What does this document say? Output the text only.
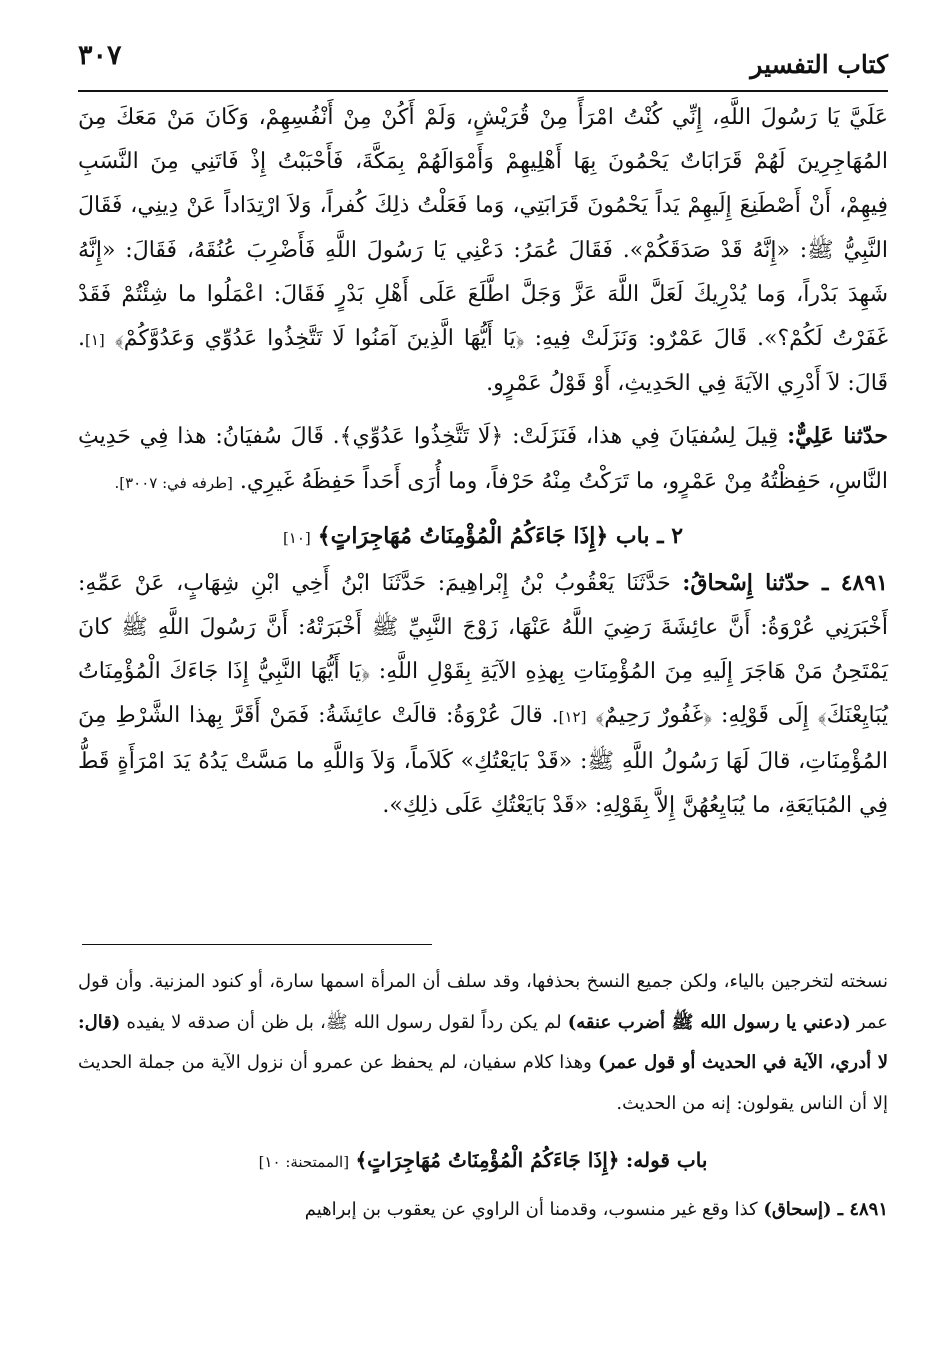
كتاب التفسير
٣٠٧

عَلَيَّ يَا رَسُولَ اللَّهِ، إِنِّي كُنْتُ امْرَأً مِنْ قُرَيْشٍ، وَلَمْ أَكُنْ مِنْ أَنْفُسِهِمْ، وَكَانَ مَنْ مَعَكَ مِنَ المُهَاجِرِينَ لَهُمْ قَرَابَاتٌ يَحْمُونَ بِهَا أَهْلِيهِمْ وَأَمْوَالَهُمْ بِمَكَّةَ، فَأَحْبَبْتُ إِذْ فَاتَنِي مِنَ النَّسَبِ فِيهِمْ، أَنْ أَصْطَنِعَ إِلَيهِمْ يَداً يَحْمُونَ قَرَابَتِي، وَما فَعَلْتُ ذلِكَ كُفراً، وَلاَ ارْتِدَاداً عَنْ دِينِي، فَقَالَ النَّبِيُّ ﷺ: «إِنَّهُ قَدْ صَدَقَكُمْ». فَقَالَ عُمَرُ: دَعْنِي يَا رَسُولَ اللَّهِ فَأَضْرِبَ عُنُقَهُ، فَقَالَ: «إِنَّهُ شَهِدَ بَدْراً، وَما يُدْرِيكَ لَعَلَّ اللَّهَ عَزَّ وَجَلَّ اطَّلَعَ عَلَى أَهْلِ بَدْرٍ فَقَالَ: اعْمَلُوا ما شِئْتُمْ فَقَدْ غَفَرْتُ لَكُمْ؟». قَالَ عَمْرٌو: وَنَزَلَتْ فِيهِ: ﴿يَا أَيُّهَا الَّذِينَ آمَنُوا لَا تَتَّخِذُوا عَدُوِّي وَعَدُوَّكُمْ﴾ [١]. قَالَ: لاَ أَدْرِي الآيَةَ فِي الحَدِيثِ، أَوْ قَوْلُ عَمْرٍو.

حدّثنا عَلِيٌّ: قِيلَ لِسُفيَانَ فِي هذا، فَنَزَلَتْ: ﴿لَا تَتَّخِذُوا عَدُوِّي﴾. قَالَ سُفيَانُ: هذا فِي حَدِيثِ النَّاسِ، حَفِظْتُهُ مِنْ عَمْرٍو، ما تَرَكْتُ مِنْهُ حَرْفاً، وما أُرَى أَحَداً حَفِظَهُ غَيرِي. [طرفه في: ٣٠٠٧].

٢ ـ باب ﴿إِذَا جَاءَكُمُ الْمُؤْمِنَاتُ مُهَاجِرَاتٍ﴾ [١٠]

٤٨٩١ ـ حدّثنا إِسْحاقُ: حَدَّثَنَا يَعْقُوبُ بْنُ إِبْراهِيمَ: حَدَّثَنَا ابْنُ أَخِي ابْنِ شِهَابٍ، عَنْ عَمِّهِ: أَخْبَرَنِي عُرْوَةُ: أَنَّ عائِشَةَ رَضِيَ اللَّهُ عَنْهَا، زَوْجَ النَّبِيِّ ﷺ أَخْبَرَتْهُ: أَنَّ رَسُولَ اللَّهِ ﷺ كانَ يَمْتَحِنُ مَنْ هَاجَرَ إِلَيهِ مِنَ المُؤْمِنَاتِ بِهذِهِ الآيَةِ بِقَوْلِ اللَّهِ: ﴿يَا أَيُّهَا النَّبِيُّ إِذَا جَاءَكَ الْمُؤْمِنَاتُ يُبَايِعْنَكَ﴾ إِلَى قَوْلِهِ: ﴿غَفُورٌ رَحِيمٌ﴾ [١٢]. قالَ عُرْوَةُ: قالَتْ عائِشَةُ: فَمَنْ أَقَرَّ بِهذا الشَّرْطِ مِنَ المُؤْمِنَاتِ، قالَ لَهَا رَسُولُ اللَّهِ ﷺ: «قَدْ بَايَعْتُكِ» كَلاَماً، وَلاَ وَاللَّهِ ما مَسَّتْ يَدُهُ يَدَ امْرَأَةٍ قَطُّ فِي المُبَايَعَةِ، ما يُبَايِعُهُنَّ إِلاَّ بِقَوْلِهِ: «قَدْ بَايَعْتُكِ عَلَى ذلِكِ».

نسخته لتخرجين بالياء، ولكن جميع النسخ بحذفها، وقد سلف أن المرأة اسمها سارة، أو كنود المزنية. وأن قول عمر (دعني يا رسول الله ﷺ أضرب عنقه) لم يكن رداً لقول رسول الله ﷺ، بل ظن أن صدقه لا يفيده (قال: لا أدري، الآية في الحديث أو قول عمر) وهذا كلام سفيان، لم يحفظ عن عمرو أن نزول الآية من جملة الحديث إلا أن الناس يقولون: إنه من الحديث.

باب قوله: ﴿إِذَا جَاءَكُمُ الْمُؤْمِنَاتُ مُهَاجِرَاتٍ﴾ [الممتحنة: ١٠]

٤٨٩١ ـ (إسحاق) كذا وقع غير منسوب، وقدمنا أن الراوي عن يعقوب بن إبراهيم
